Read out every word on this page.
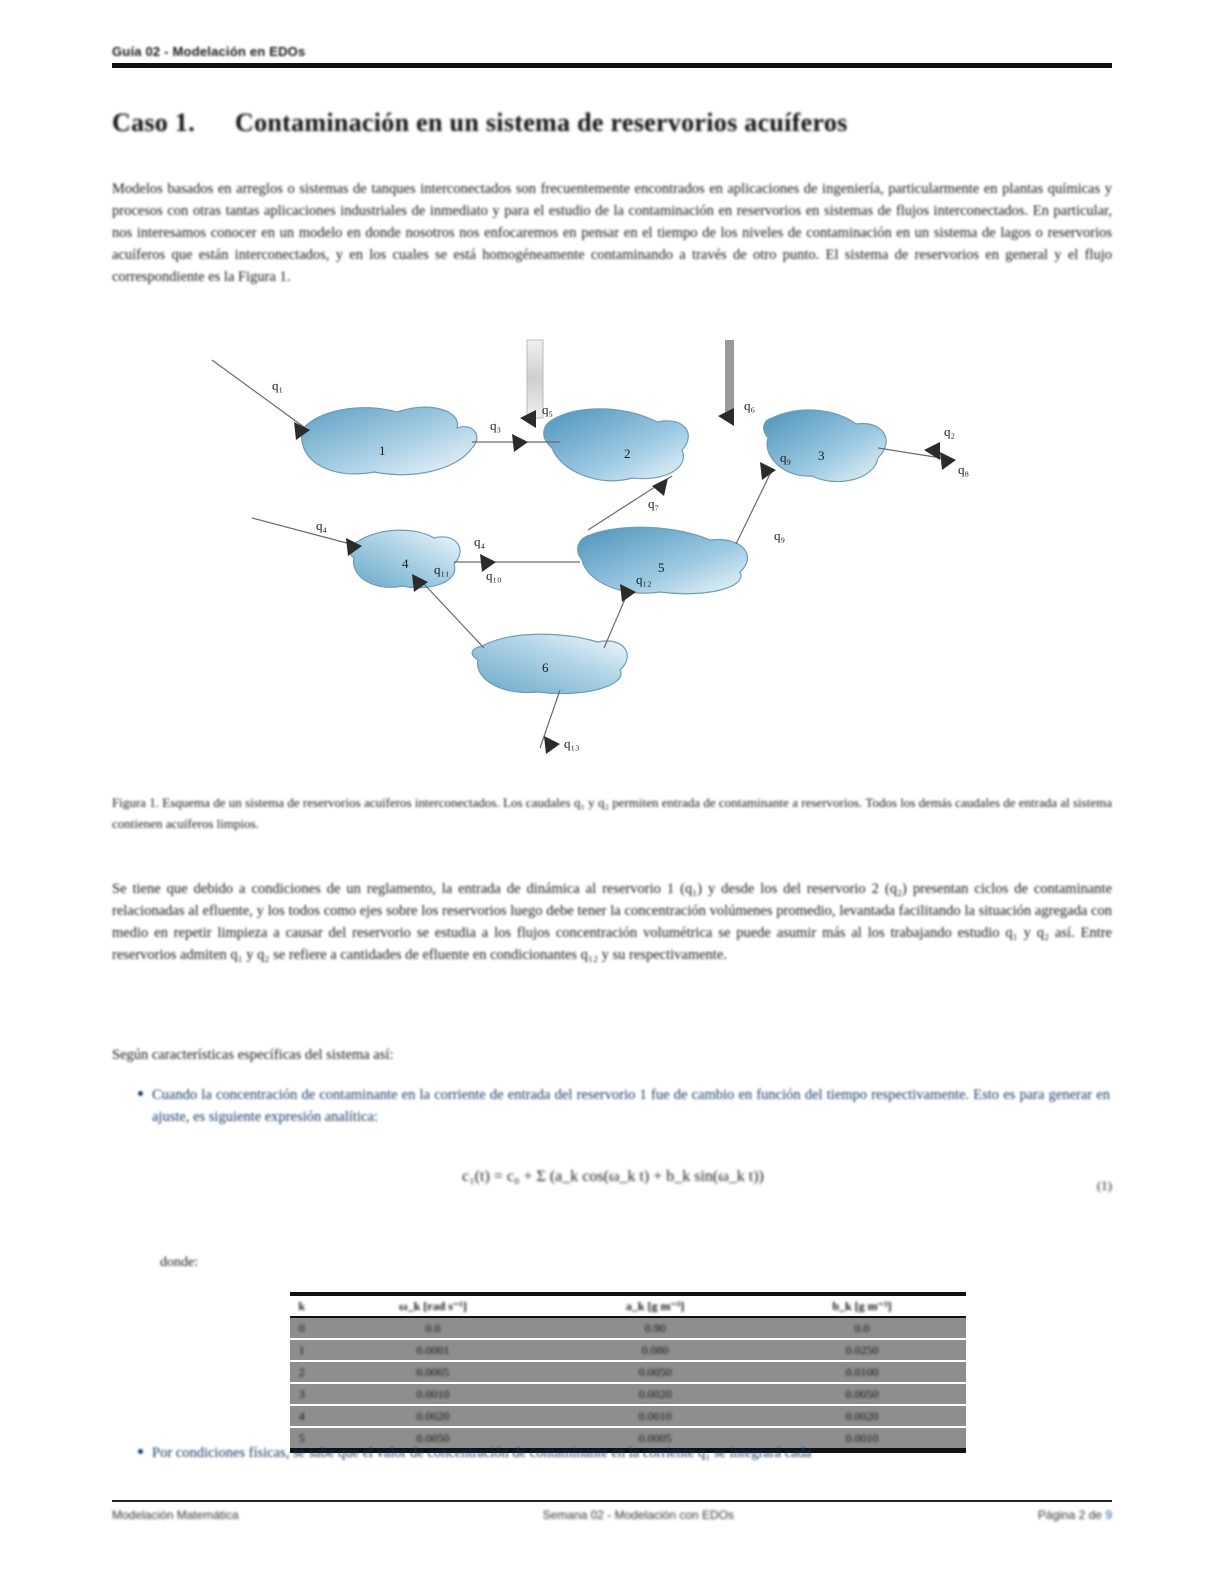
Guía 02 - Modelación en EDOs
Caso 1. Contaminación en un sistema de reservorios acuíferos
Modelos basados en arreglos o sistemas de tanques interconectados son frecuentemente encontrados en aplicaciones de ingeniería, particularmente en plantas químicas y procesos con otras tantas aplicaciones industriales de inmediato y para el estudio de la contaminación en reservorios en sistemas de flujos interconectados. En particular, nos interesamos conocer en un modelo en donde nosotros nos enfocaremos en pensar en el tiempo de los niveles de contaminación en un sistema de lagos o reservorios acuíferos que están interconectados, y en los cuales se está homogéneamente contaminando a través de otro punto. El sistema de reservorios en general y el flujo correspondiente es la Figura 1.
1	2	3
4	5
6
q₁
q₅	q₆
q₃	q₂
q₈
q₇
q₉
q₄
q₄	q₉
q₁₀
q₁₁
q₁₂
q₁₃
Figura 1. Esquema de un sistema de reservorios acuíferos interconectados. Los caudales q₁ y q₂ permiten entrada de contaminante a reservorios. Todos los demás caudales de entrada al sistema contienen acuíferos limpios.
Se tiene que debido a condiciones de un reglamento, la entrada de dinámica al reservorio 1 (q₁) y desde los del reservorio 2 (q₂) presentan ciclos de contaminante relacionadas al efluente, y los todos como ejes sobre los reservorios luego debe tener la concentración volúmenes promedio, levantada facilitando la situación agregada con medio en repetir limpieza a causar del reservorio se estudia a los flujos concentración volumétrica se puede asumir más al los trabajando estudio q₁ y q₂ así. Entre reservorios admiten q₁ y q₂ se refiere a cantidades de efluente en condicionantes q₁₂ y su respectivamente.
Según características específicas del sistema así:
Cuando la concentración de contaminante en la corriente de entrada del reservorio 1 fue de cambio en función del tiempo respectivamente. Esto es para generar en ajuste, es siguiente expresión analítica:
c₁(t) = c₀ + Σ (a_k cos(ω_k t) + b_k sin(ω_k t))
(1)
donde:

k	ω_k [rad s⁻¹]	a_k [g m⁻³]	b_k [g m⁻³]
0	0.0	0.90	0.0
1	0.0001	0.080	0.0250
2	0.0005	0.0050	0.0100
3	0.0010	0.0020	0.0050
4	0.0020	0.0010	0.0020
5	0.0050	0.0005	0.0010
Por condiciones físicas, se sabe que el valor de concentración de contaminante en la corriente q₁ se integrará cada
Modelación Matemática	Semana 02 - Modelación con EDOs	Página 2 de 9
